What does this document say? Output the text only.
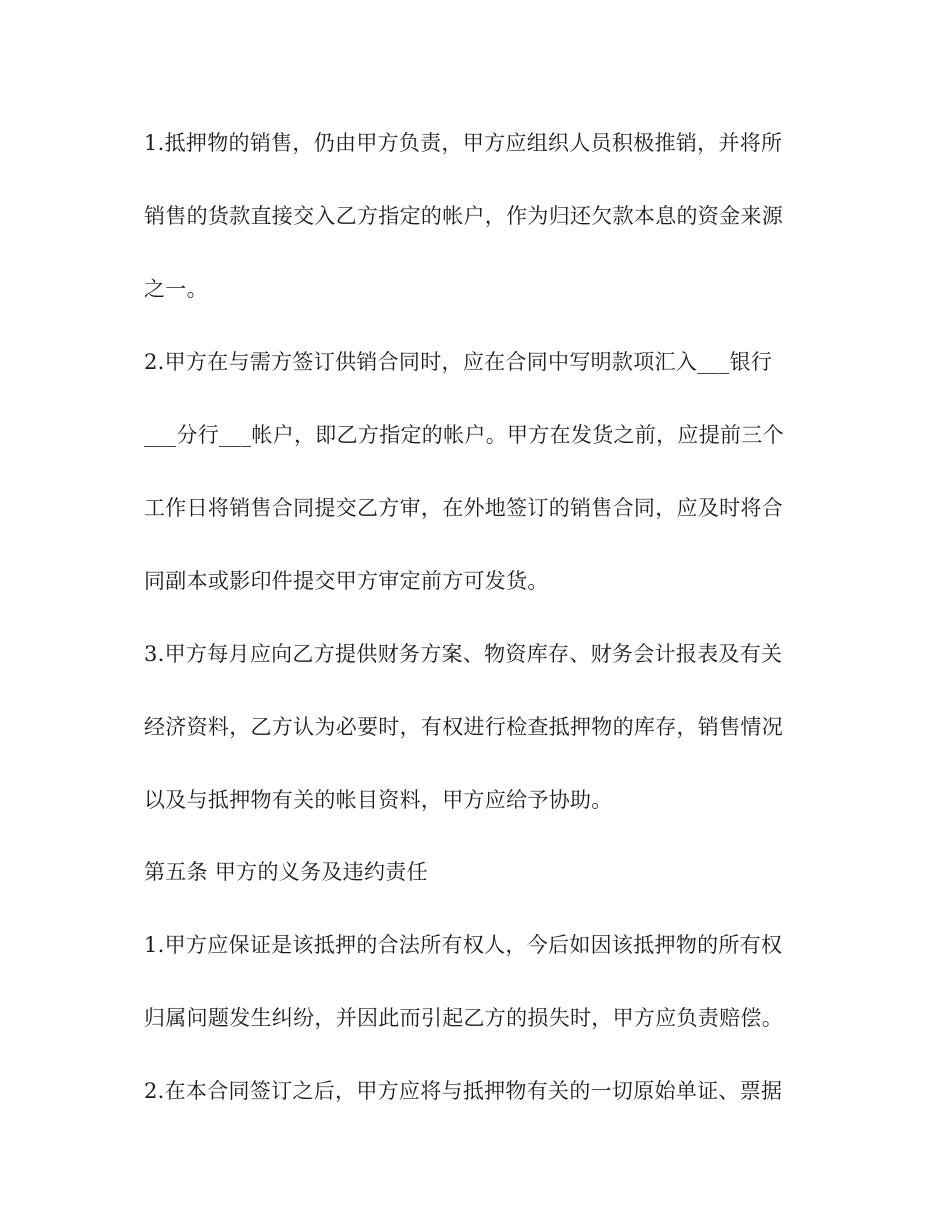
1.抵押物的销售，仍由甲方负责，甲方应组织人员积极推销，并将所
销售的货款直接交入乙方指定的帐户，作为归还欠款本息的资金来源
之一。
2.甲方在与需方签订供销合同时，应在合同中写明款项汇入___银行
___分行___帐户，即乙方指定的帐户。甲方在发货之前，应提前三个
工作日将销售合同提交乙方审，在外地签订的销售合同，应及时将合
同副本或影印件提交甲方审定前方可发货。
3.甲方每月应向乙方提供财务方案、物资库存、财务会计报表及有关
经济资料，乙方认为必要时，有权进行检查抵押物的库存，销售情况
以及与抵押物有关的帐目资料，甲方应给予协助。
第五条 甲方的义务及违约责任
1.甲方应保证是该抵押的合法所有权人，今后如因该抵押物的所有权
归属问题发生纠纷，并因此而引起乙方的损失时，甲方应负责赔偿。
2.在本合同签订之后，甲方应将与抵押物有关的一切原始单证、票据
